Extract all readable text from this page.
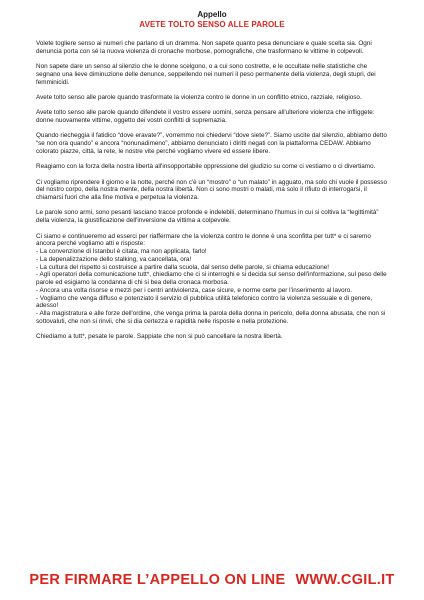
Appello
AVETE TOLTO SENSO ALLE PAROLE

Volete togliere senso ai numeri che parlano di un dramma. Non sapete quanto pesa denunciare e quale scelta sia. Ogni denuncia porta con sé la nuova violenza di cronache morbose, pornografiche, che trasformano le vittime in colpevoli.

Non sapete dare un senso al silenzio che le donne scelgono, o a cui sono costrette, e le occultate nelle statistiche che segnano una lieve diminuzione delle denunce, seppellendo nei numeri il peso permanente della violenza, degli stupri, dei femminicidi.

Avete tolto senso alle parole quando trasformate la violenza contro le donne in un conflitto etnico, razziale, religioso.

Avete tolto senso alle parole quando difendete il vostro essere uomini, senza pensare all'ulteriore violenza che infliggete: donne nuovamente vittime, oggetto dei vostri conflitti di supremazia.

Quando riecheggia il fatidico “dove eravate?”, vorremmo noi chiedervi “dove siete?”. Siamo uscite dal silenzio, abbiamo detto “se non ora quando” e ancora “nonunadimeno”, abbiamo denunciato i diritti negati con la piattaforma CEDAW. Abbiamo colorato piazze, città, la rete, le nostre vite perché vogliamo vivere ed essere libere.

Reagiamo con la forza della nostra libertà all'insopportabile oppressione del giudizio su come ci vestiamo o ci divertiamo.

Ci vogliamo riprendere il giorno e la notte, perché non c'è un “mostro” o “un malato” in agguato, ma solo chi vuole il possesso del nostro corpo, della nostra mente, della nostra libertà. Non ci sono mostri o malati, ma solo il rifiuto di interrogarsi, il chiamarsi fuori che alla fine motiva e perpetua la violenza.

Le parole sono armi, sono pesanti lasciano tracce profonde e indelebili, determinano l'humus in cui si coltiva la “legittimità” della violenza, la giustificazione dell'inversione da vittima a colpevole.

Ci siamo e continueremo ad esserci per riaffermare che la violenza contro le donne è una sconfitta per tutt* e ci saremo ancora perché vogliamo atti e risposte:
- La convenzione di Istanbul è citata, ma non applicata, farlo!
- La depenalizzazione dello stalking, va cancellata, ora!
- La cultura del rispetto si costruisce a partire dalla scuola, dal senso delle parole, si chiama educazione!
- Agli operatori della comunicazione tutt*, chiediamo che ci si interroghi e si decida sul senso dell'informazione, sul peso delle parole ed esigiamo la condanna di chi si bea della cronaca morbosa.
- Ancora una volta risorse e mezzi per i centri antiviolenza, case sicure, e norme certe per l'inserimento al lavoro.
- Vogliamo che venga diffuso e potenziato il servizio di pubblica utilità telefonico contro la violenza sessuale e di genere, adesso!
- Alla magistratura e alle forze dell'ordine, che venga prima la parola della donna in pericolo, della donna abusata, che non si sottovaluti, che non si rinvii, che si dia certezza e rapidità nelle risposte e nella protezione.

Chiediamo a tutt*, pesate le parole. Sappiate che non si può cancellare la nostra libertà.

PER FIRMARE L’APPELLO ON LINE WWW.CGIL.IT
